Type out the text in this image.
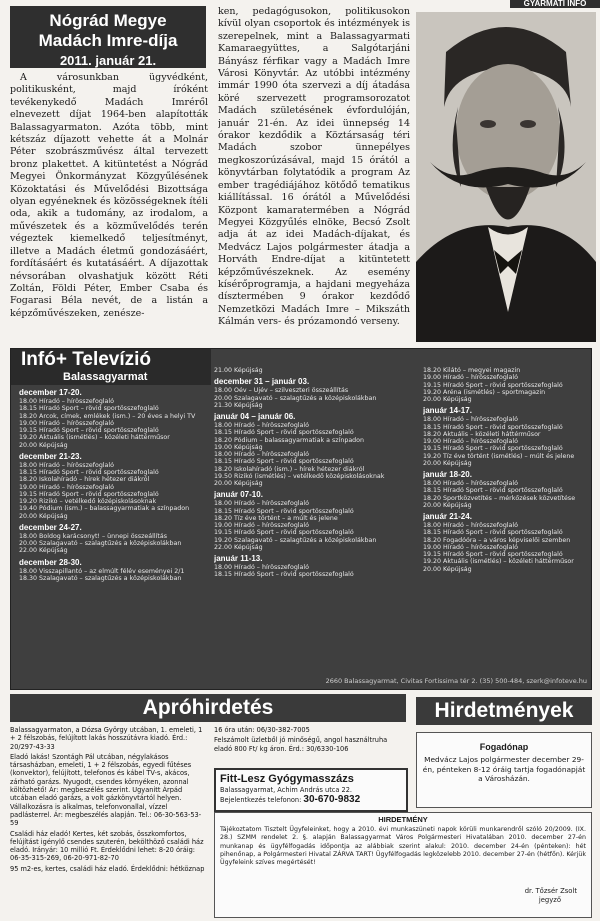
Nógrád Megye
Madách Imre-díja
2011. január 21.
GYARMATI INFO

A városunkban ügyvédként, politikusként, majd íróként tevékenykedő Madách Imréről elnevezett díjat 1964-ben alapították Balassagyarmaton. Azóta több, mint kétszáz díjazott vehette át a Molnár Péter szobrászművész által tervezett bronz plakettet. A kitüntetést a Nógrád Megyei Önkormányzat Közgyűlésének Közoktatási és Művelődési Bizottsága olyan egyéneknek és közösségeknek ítéli oda, akik a tudomány, az irodalom, a művészetek és a közművelődés terén végeztek kiemelkedő teljesítményt, illetve a Madách életmű gondozásáért, fordításáért és kutatásáért. A díjazottak névsorában olvashatjuk között Réti Zoltán, Földi Péter, Ember Csaba és Fogarasi Béla nevét, de a listán a képzőművészeken, zenésze-

ken, pedagógusokon, politikusokon kívül olyan csoportok és intézmények is szerepelnek, mint a Balassagyarmati Kamaraegyüttes, a Salgótarjáni Bányász férfikar vagy a Madách Imre Városi Könyvtár. Az utóbbi intézmény immár 1990 óta szervezi a díj átadása köré szervezett programsorozatot Madách születésének évfordulóján, január 21-én. Az idei ünnepség 14 órakor kezdődik a Köztársaság téri Madách szobor ünnepélyes megkoszorúzásával, majd 15 órától a könyvtárban folytatódik a program Az ember tragédiájához kötődő tematikus kiállítással. 16 órától a Művelődési Központ kamaratermében a Nógrád Megyei Közgyűlés elnöke, Becsó Zsolt adja át az idei Madách-díjakat, és Medvácz Lajos polgármester átadja a Horváth Endre-díjat a kitüntetett képzőművészeknek. Az esemény kísérőprogramja, a hajdani megyeháza dísztermében 9 órakor kezdődő Nemzetközi Madách Imre – Mikszáth Kálmán vers- és prózamondó verseny.

Infó+ Televízió
Balassagyarmat
december 17-20.
18.00 Híradó – hírösszefoglaló
18.15 Híradó Sport – rövid sportösszefoglaló
18.20 Arcok, címek, emlékek (ism.) – 20 éves a helyi TV
19.00 Híradó – hírösszefoglaló
19.15 Híradó Sport – rövid sportösszefoglaló
19.20 Aktuális (ismétlés) – közéleti háttérműsor
20.00 Képújság
december 21-23.
18.00 Híradó – hírösszefoglaló
18.15 Híradó Sport – rövid sportösszefoglaló
18.20 Iskolahíradó – hírek hétezer diákról
19.00 Híradó – hírösszefoglaló
19.15 Híradó Sport – rövid sportösszefoglaló
19.20 Rizikó – vetélkedő középiskolásoknak
19.40 Pódium (ism.) – balassagyarmatiak a színpadon
20.00 Képújság
december 24-27.
18.00 Boldog karácsonyt! – ünnepi összeállítás
20.00 Szalagavató – szalagtűzés a középiskolákban
22.00 Képújság
december 28-30.
18.00 Visszapillantó – az elmúlt félév eseményei 2/1
18.30 Szalagavató – szalagtűzés a középiskolákban
21.00 Képújság
december 31 – január 03.
18.00 Óév – Újév – szilveszteri összeállítás
20.00 Szalagavató – szalagtűzés a középiskolákban
21.30 Képújság
január 04 – január 06.
18.00 Híradó – hírösszefoglaló
18.15 Híradó Sport – rövid sportösszefoglaló
18.20 Pódium – balassagyarmatiak a színpadon
19.00 Képújság
18.00 Híradó – hírösszefoglaló
18.15 Híradó Sport – rövid sportösszefoglaló
18.20 Iskolahíradó (ism.) – hírek hétezer diákról
19.50 Rizikó (ismétlés) – vetélkedő középiskolásoknak
20.00 Képújság
január 07-10.
18.00 Híradó – hírösszefoglaló
18.15 Híradó Sport – rövid sportösszefoglaló
18.20 Tíz éve történt – a múlt és jelene
19.00 Híradó – hírösszefoglaló
19.15 Híradó Sport – rövid sportösszefoglaló
19.20 Szalagavató – szalagtűzés a középiskolákban
22.00 Képújság
január 11-13.
18.00 Híradó – hírösszefoglaló
18.15 Híradó Sport – rövid sportösszefoglaló
18.20 Kilátó – megyei magazin
19.00 Híradó – hírösszefoglaló
19.15 Híradó Sport – rövid sportösszefoglaló
19.20 Aréna (ismétlés) – sportmagazin
20.00 Képújság
január 14-17.
18.00 Híradó – hírösszefoglaló
18.15 Híradó Sport – rövid sportösszefoglaló
18.20 Aktuális – közéleti háttérműsor
19.00 Híradó – hírösszefoglaló
19.15 Híradó Sport – rövid sportösszefoglaló
19.20 Tíz éve történt (ismétlés) – múlt és jelene
20.00 Képújság
január 18-20.
18.00 Híradó – hírösszefoglaló
18.15 Híradó Sport – rövid sportösszefoglaló
18.20 Sportközvetítés – mérkőzések közvetítése
20.00 Képújság
január 21-24.
18.00 Híradó – hírösszefoglaló
18.15 Híradó Sport – rövid sportösszefoglaló
18.20 Fogadóóra – a város képviselői szemben
19.00 Híradó – hírösszefoglaló
19.15 Híradó Sport – rövid sportösszefoglaló
19.20 Aktuális (ismétlés) – közéleti háttérműsor
20.00 Képújság
2660 Balassagyarmat, Civitas Fortissima tér 2. (35) 500-484, szerk@infoteve.hu
Apróhirdetés

Balassagyarmaton, a Dózsa György utcában, 1. emeleti, 1 + 2 félszobás, felújított lakás hosszútávra kiadó. Érd.: 20/297-43-33

Eladó lakás! Szontágh Pál utcában, négylakásos társasházban, emeleti, 1 + 2 félszobás, egyedi fűtéses (konvektor), felújított, telefonos és kábel TV-s, akácos, zárható garázs. Nyugodt, csendes környéken, azonnal költözhető! Ár: megbeszélés szerint. Ugyanitt Árpád utcában eladó garázs, a volt gázkönyvtártól helyen. Vállalkozásra is alkalmas, telefonvonallal, vízzel padlásterrel. Ár: megbeszélés alapján. Tel.: 06-30-563-53-59

Családi ház eladó! Kertes, két szobás, összkomfortos, felújítást igénylő csendes szuterén, bekölthöző családi ház eladó. Irányár: 10 millió Ft. Érdeklődni lehet: 8-20 óráig: 06-35-315-269, 06-20-971-82-70

95 m2-es, kertes, családi ház eladó. Érdeklődni: hétköznap

16 óra után: 06/30-382-7005

Felszámolt üzletből jó minőségű, angol használtruha eladó 800 Ft/ kg áron. Érd.: 30/6330-106

Fitt-Lesz Gyógymasszázs
Balassagyarmat, Achim András utca 22.
Bejelentkezés telefonon: 30-670-9832
Hirdetmények
Fogadónap
Medvácz Lajos polgármester december 29-én, pénteken 8-12 óráig tartja fogadónapját a Városházán.
HIRDETMÉNY
Tájékoztatom Tisztelt Ügyfeleinket, hogy a 2010. évi munkaszüneti napok körüli munkarendről szóló 20/2009. (IX. 28.) SZMM rendelet 2. §. alapján Balassagyarmat Város Polgármesteri Hivatalában 2010. december 27-én munkanap és ügyfélfogadás időpontja az alábbiak szerint alakul: 2010. december 24-én (pénteken): hét pihenőnap, a Polgármesteri Hivatal ZÁRVA TART! Ügyfélfogadás legközelebb 2010. december 27-én (hétfőn). Kérjük Ügyfeleink szíves megértését!
dr. Tőzsér Zsolt
jegyző
